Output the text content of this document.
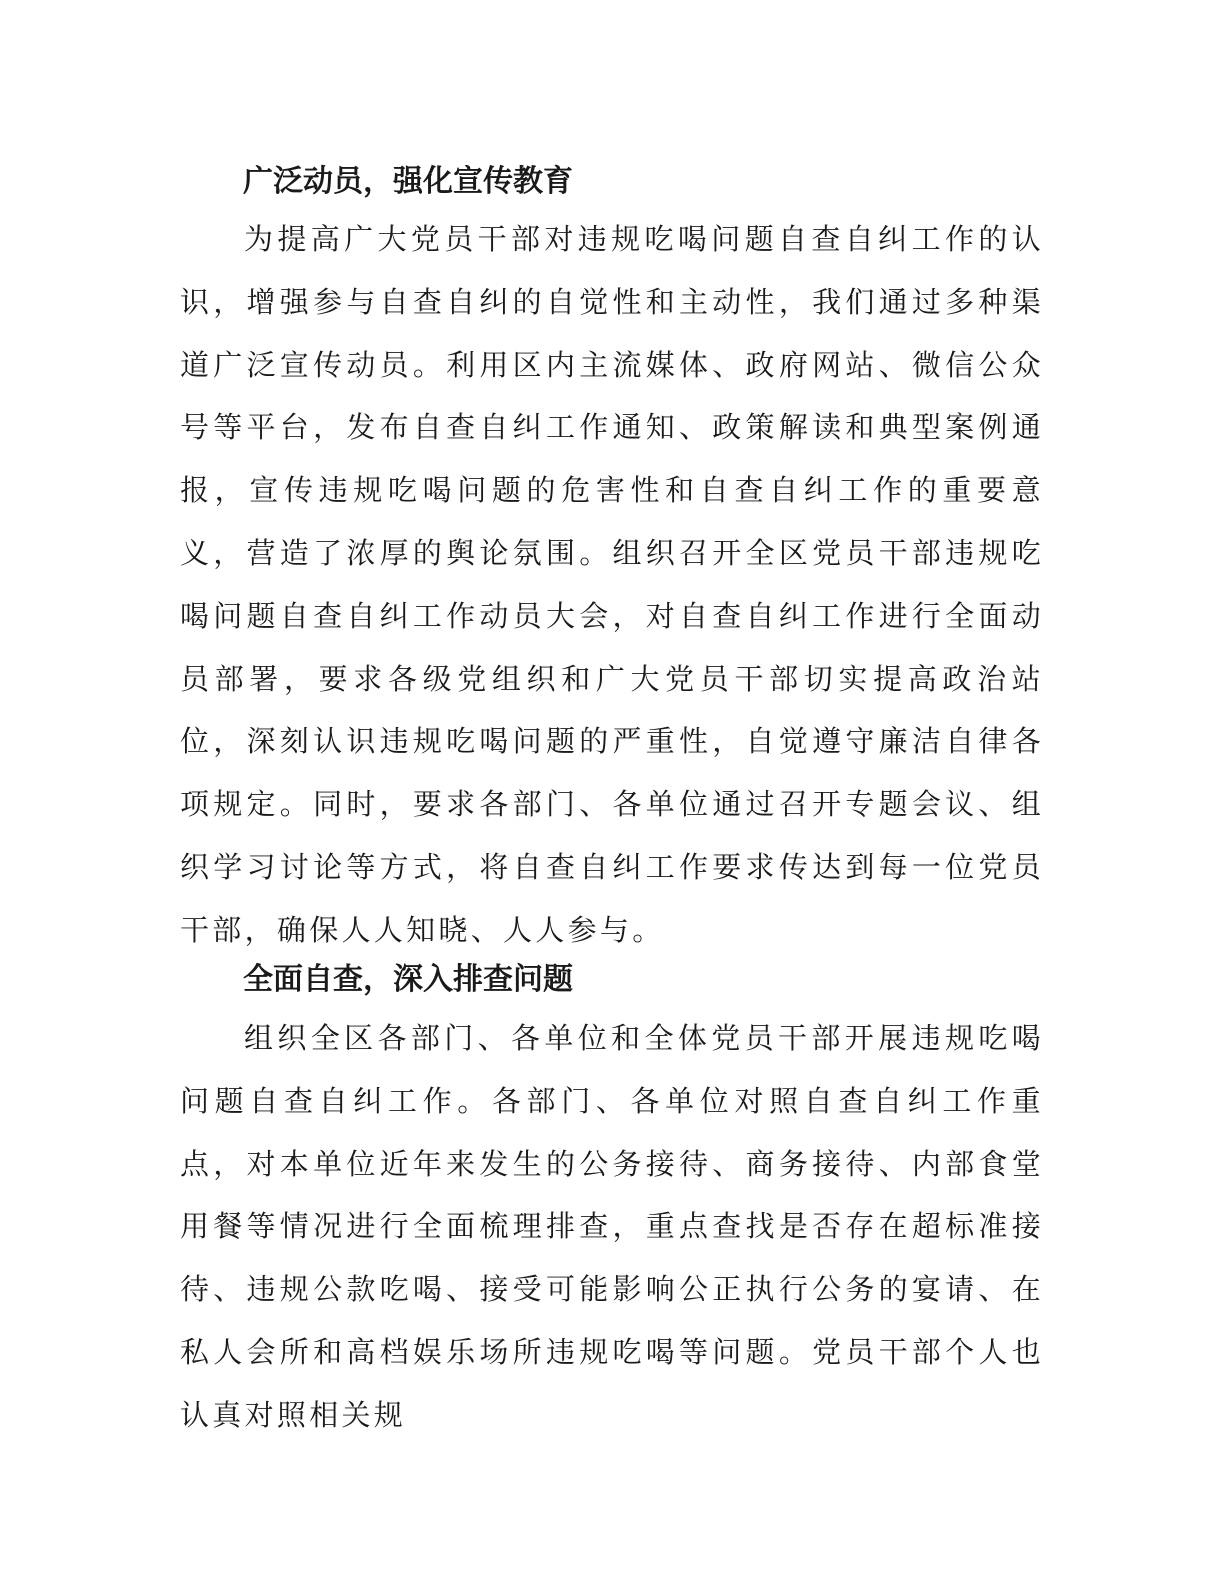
广泛动员，强化宣传教育

为提高广大党员干部对违规吃喝问题自查自纠工作的认识，增强参与自查自纠的自觉性和主动性，我们通过多种渠道广泛宣传动员。利用区内主流媒体、政府网站、微信公众号等平台，发布自查自纠工作通知、政策解读和典型案例通报，宣传违规吃喝问题的危害性和自查自纠工作的重要意义，营造了浓厚的舆论氛围。组织召开全区党员干部违规吃喝问题自查自纠工作动员大会，对自查自纠工作进行全面动员部署，要求各级党组织和广大党员干部切实提高政治站位，深刻认识违规吃喝问题的严重性，自觉遵守廉洁自律各项规定。同时，要求各部门、各单位通过召开专题会议、组织学习讨论等方式，将自查自纠工作要求传达到每一位党员干部，确保人人知晓、人人参与。

全面自查，深入排查问题

组织全区各部门、各单位和全体党员干部开展违规吃喝问题自查自纠工作。各部门、各单位对照自查自纠工作重点，对本单位近年来发生的公务接待、商务接待、内部食堂用餐等情况进行全面梳理排查，重点查找是否存在超标准接待、违规公款吃喝、接受可能影响公正执行公务的宴请、在私人会所和高档娱乐场所违规吃喝等问题。党员干部个人也认真对照相关规
